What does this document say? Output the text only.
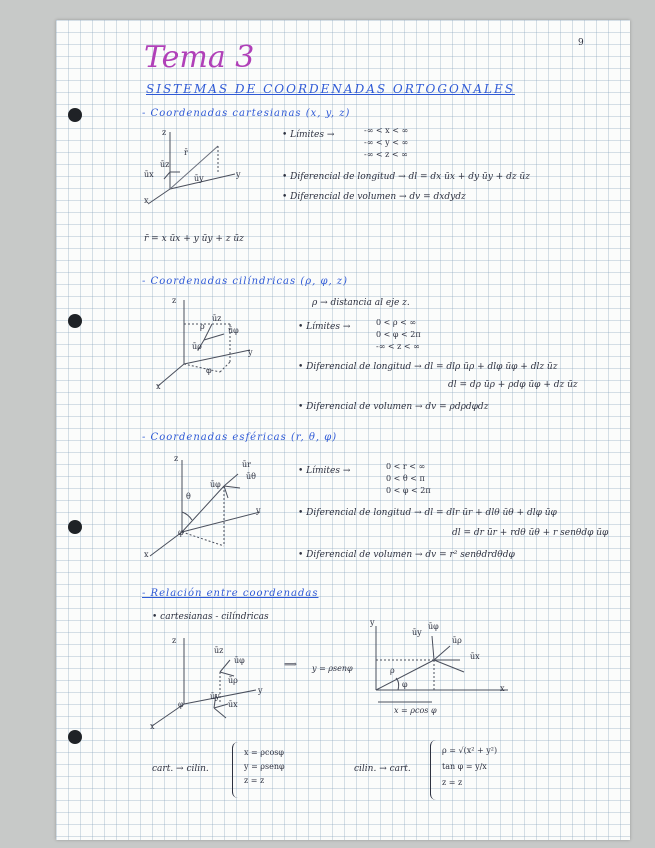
9
Tema 3
SISTEMAS DE COORDENADAS ORTOGONALES
- Coordenadas cartesianas (x, y, z)
z
x
y
ūz
ūx	ūy
r̄
• Límites →	-∞ < x < ∞
-∞ < y < ∞
-∞ < z < ∞
• Diferencial de longitud → dl = dx ūx + dy ūy + dz ūz
• Diferencial de volumen → dv = dxdydz
r̄ = x ūx + y ūy + z ūz
- Coordenadas cilíndricas (ρ, φ, z)
z
x
y
ρ
φ
ūz
ūφ
ūρ
ρ → distancia al eje z.
• Límites →	0 < ρ < ∞
0 < φ < 2π
-∞ < z < ∞
• Diferencial de longitud → dl = dlρ ūρ + dlφ ūφ + dlz ūz
dl = dρ ūρ + ρdφ ūφ + dz ūz
• Diferencial de volumen → dv = ρdρdφdz
- Coordenadas esféricas (r, θ, φ)
z
x
y
θ
φ
ūr
ūθ
ūφ
• Límites →	0 < r < ∞
0 < θ < π
0 < φ < 2π
• Diferencial de longitud → dl = dlr ūr + dlθ ūθ + dlφ ūφ
dl = dr ūr + rdθ ūθ + r senθdφ ūφ
• Diferencial de volumen → dv = r² senθdrdθdφ
- Relación entre coordenadas
• cartesianas - cilíndricas
z
x
y
ūz
ūφ
ūρ
ūy
ūx
φ
⟹ y = ρsenφ
y
x
ρ
φ
ūy
ūφ
ūρ
ūx
x = ρcos φ
cart. → cilin.
x = ρcosφ
y = ρsenφ
z = z
cilin. → cart.
ρ = √(x² + y²)
tan φ = y/x
z = z
